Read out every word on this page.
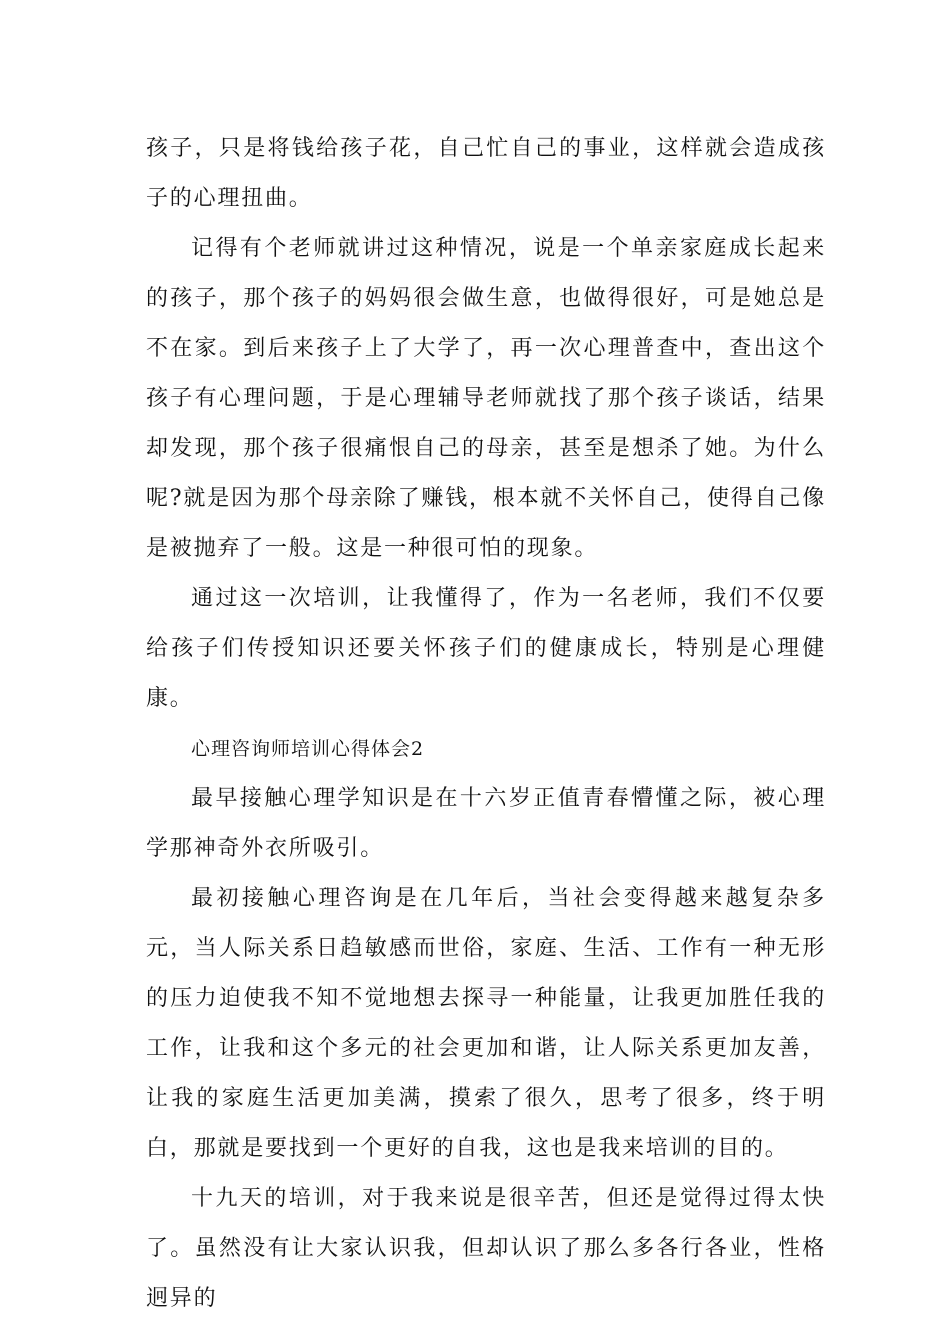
孩子，只是将钱给孩子花，自己忙自己的事业，这样就会造成孩子的心理扭曲。

记得有个老师就讲过这种情况，说是一个单亲家庭成长起来的孩子，那个孩子的妈妈很会做生意，也做得很好，可是她总是不在家。到后来孩子上了大学了，再一次心理普查中，查出这个孩子有心理问题，于是心理辅导老师就找了那个孩子谈话，结果却发现，那个孩子很痛恨自己的母亲，甚至是想杀了她。为什么呢?就是因为那个母亲除了赚钱，根本就不关怀自己，使得自己像是被抛弃了一般。这是一种很可怕的现象。

通过这一次培训，让我懂得了，作为一名老师，我们不仅要给孩子们传授知识还要关怀孩子们的健康成长，特别是心理健康。

心理咨询师培训心得体会2

最早接触心理学知识是在十六岁正值青春懵懂之际，被心理学那神奇外衣所吸引。

最初接触心理咨询是在几年后，当社会变得越来越复杂多元，当人际关系日趋敏感而世俗，家庭、生活、工作有一种无形的压力迫使我不知不觉地想去探寻一种能量，让我更加胜任我的工作，让我和这个多元的社会更加和谐，让人际关系更加友善，让我的家庭生活更加美满，摸索了很久，思考了很多，终于明白，那就是要找到一个更好的自我，这也是我来培训的目的。

十九天的培训，对于我来说是很辛苦，但还是觉得过得太快了。虽然没有让大家认识我，但却认识了那么多各行各业，性格迥异的
